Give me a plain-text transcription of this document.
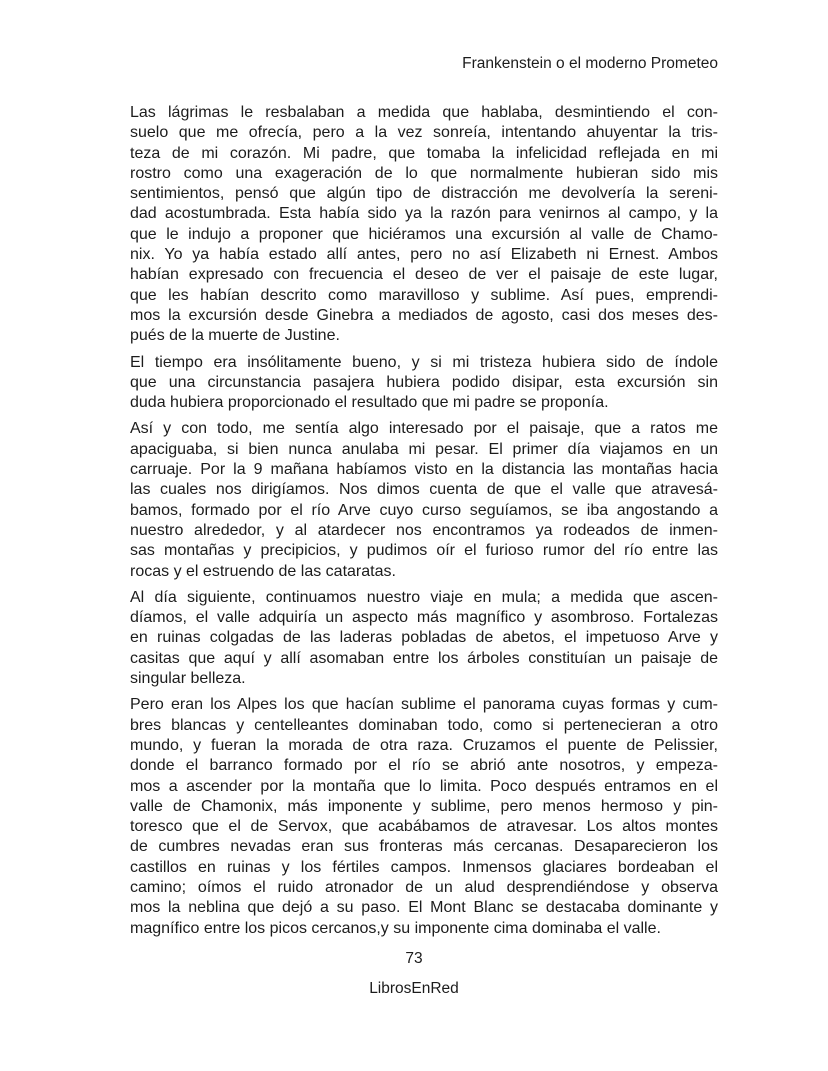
Frankenstein o el moderno Prometeo
Las lágrimas le resbalaban a medida que hablaba, desmintiendo el con-
suelo que me ofrecía, pero a la vez sonreía, intentando ahuyentar la tris-
teza de mi corazón. Mi padre, que tomaba la infelicidad reflejada en mi
rostro como una exageración de lo que normalmente hubieran sido mis
sentimientos, pensó que algún tipo de distracción me devolvería la sereni-
dad acostumbrada. Esta había sido ya la razón para venirnos al campo, y la
que le indujo a proponer que hiciéramos una excursión al valle de Chamo-
nix. Yo ya había estado allí antes, pero no así Elizabeth ni Ernest. Ambos
habían expresado con frecuencia el deseo de ver el paisaje de este lugar,
que les habían descrito como maravilloso y sublime. Así pues, emprendi-
mos la excursión desde Ginebra a mediados de agosto, casi dos meses des-
pués de la muerte de Justine.
El tiempo era insólitamente bueno, y si mi tristeza hubiera sido de índole
que una circunstancia pasajera hubiera podido disipar, esta excursión sin
duda hubiera proporcionado el resultado que mi padre se proponía.
Así y con todo, me sentía algo interesado por el paisaje, que a ratos me
apaciguaba, si bien nunca anulaba mi pesar. El primer día viajamos en un
carruaje. Por la 9 mañana habíamos visto en la distancia las montañas hacia
las cuales nos dirigíamos. Nos dimos cuenta de que el valle que atravesá-
bamos, formado por el río Arve cuyo curso seguíamos, se iba angostando a
nuestro alrededor, y al atardecer nos encontramos ya rodeados de inmen-
sas montañas y precipicios, y pudimos oír el furioso rumor del río entre las
rocas y el estruendo de las cataratas.
Al día siguiente, continuamos nuestro viaje en mula; a medida que ascen-
díamos, el valle adquiría un aspecto más magnífico y asombroso. Fortalezas
en ruinas colgadas de las laderas pobladas de abetos, el impetuoso Arve y
casitas que aquí y allí asomaban entre los árboles constituían un paisaje de
singular belleza.
Pero eran los Alpes los que hacían sublime el panorama cuyas formas y cum-
bres blancas y centelleantes dominaban todo, como si pertenecieran a otro
mundo, y fueran la morada de otra raza. Cruzamos el puente de Pelissier,
donde el barranco formado por el río se abrió ante nosotros, y empeza-
mos a ascender por la montaña que lo limita. Poco después entramos en el
valle de Chamonix, más imponente y sublime, pero menos hermoso y pin-
toresco que el de Servox, que acabábamos de atravesar. Los altos montes
de cumbres nevadas eran sus fronteras más cercanas. Desaparecieron los
castillos en ruinas y los fértiles campos. Inmensos glaciares bordeaban el
camino; oímos el ruido atronador de un alud desprendiéndose y observa
mos la neblina que dejó a su paso. El Mont Blanc se destacaba dominante y
magnífico entre los picos cercanos,y su imponente cima dominaba el valle.
73
LibrosEnRed
